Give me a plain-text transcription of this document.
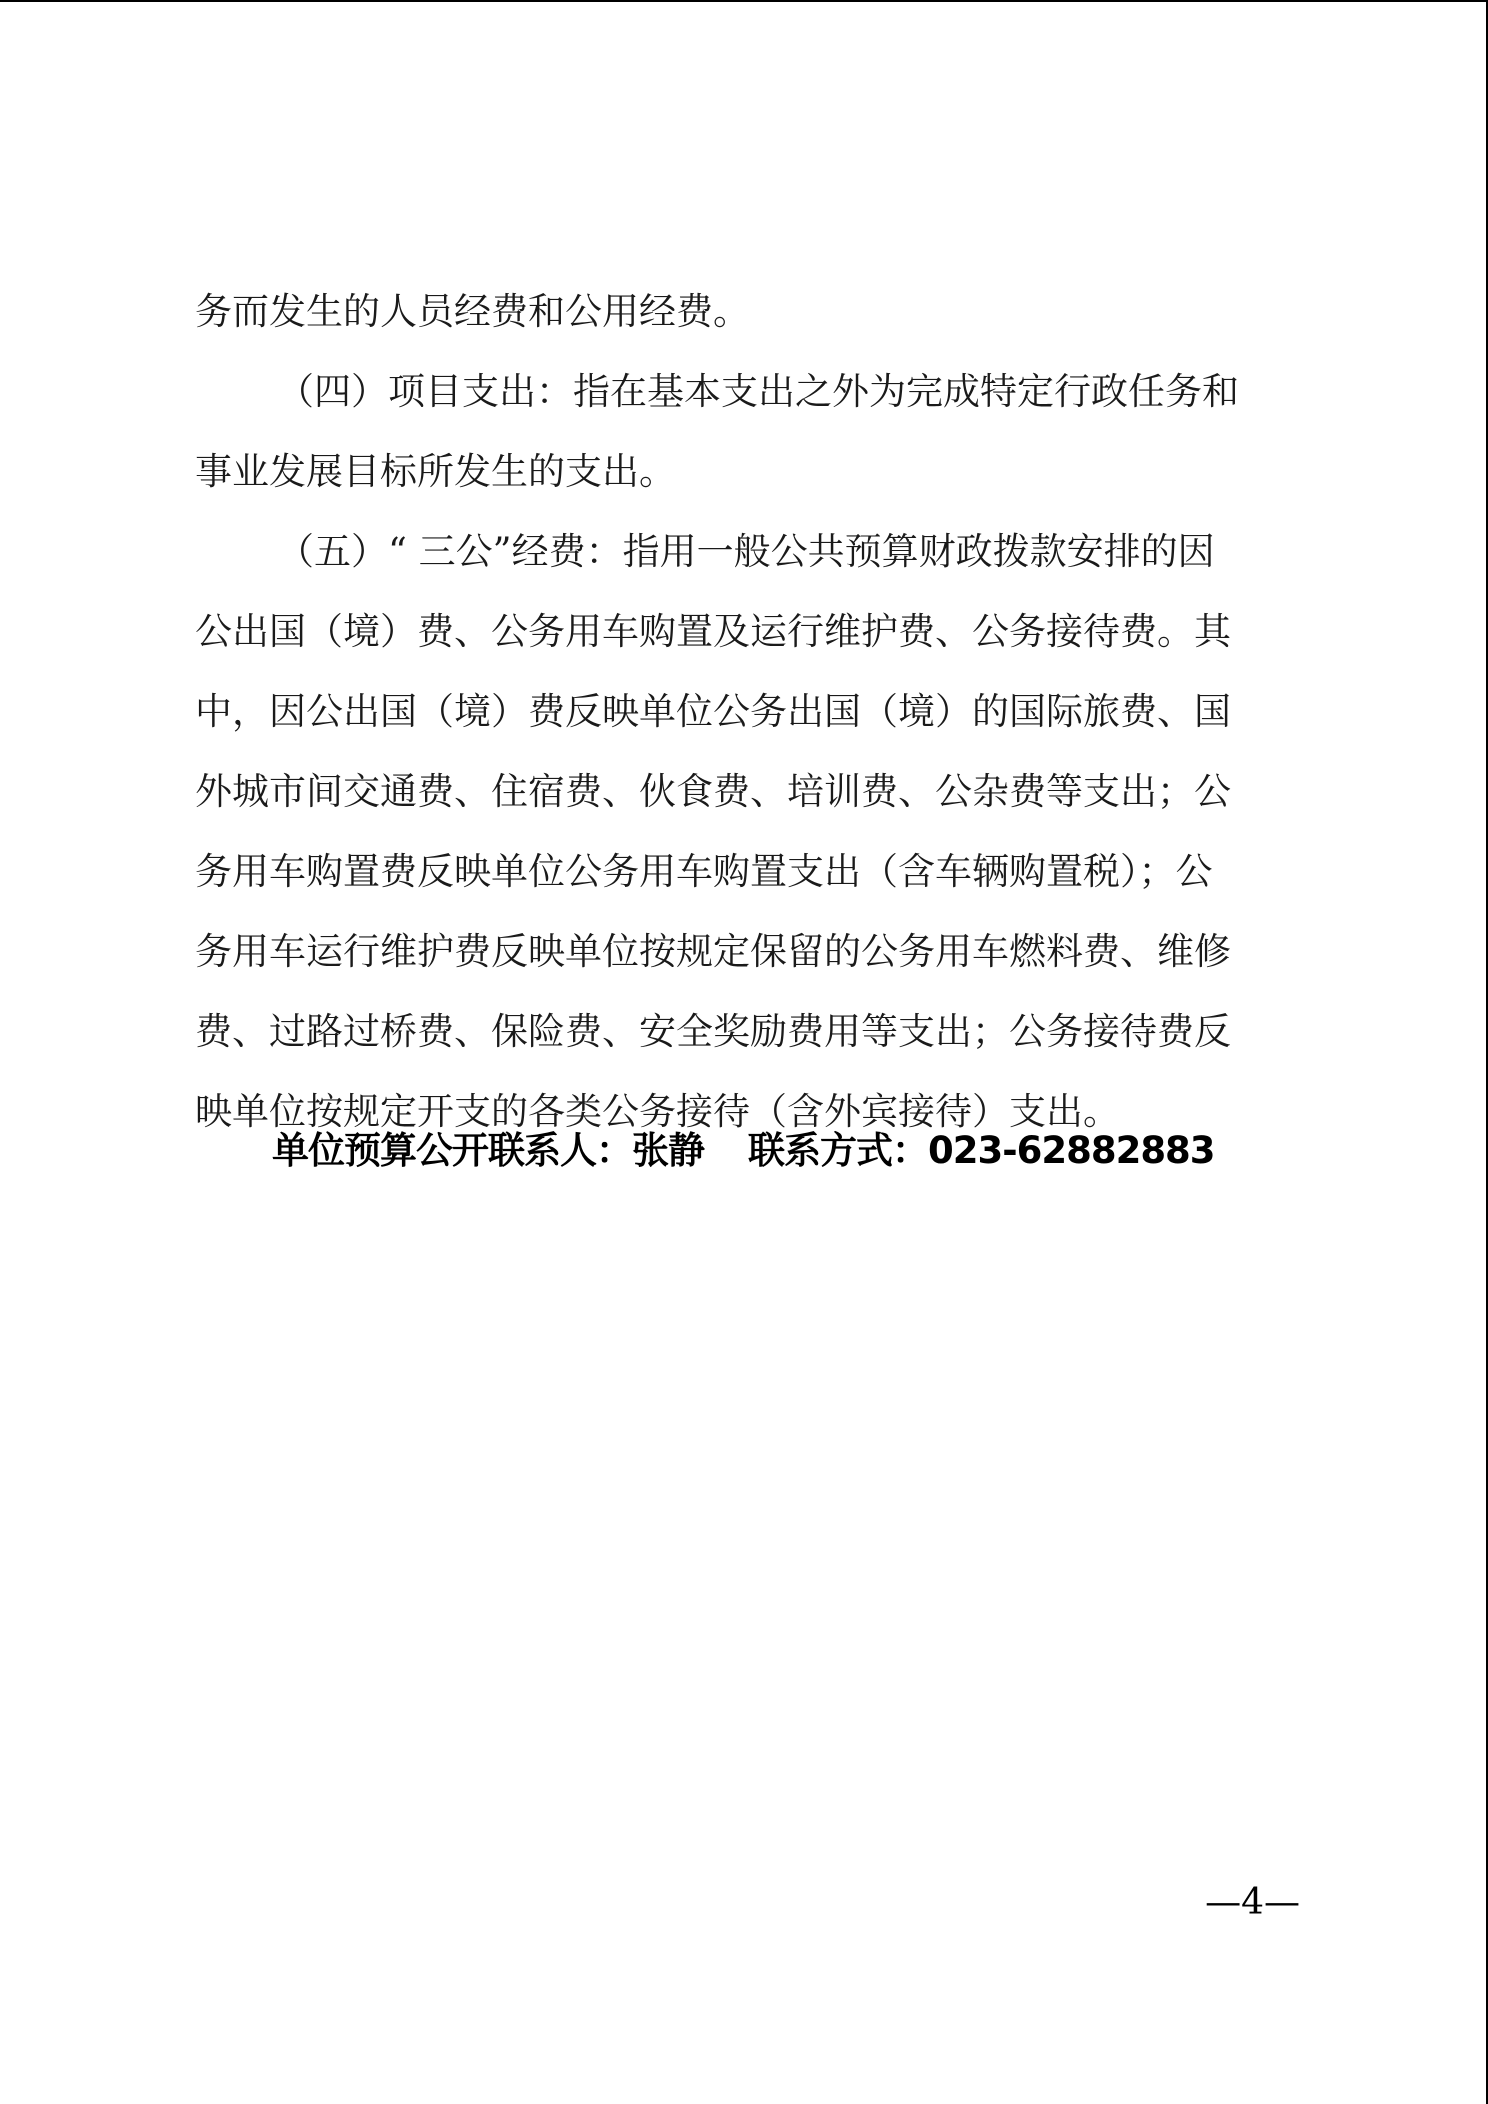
务而发生的人员经费和公用经费。
（四）项目支出：指在基本支出之外为完成特定行政任务和
事业发展目标所发生的支出。
（五）“ 三公”经费：指用一般公共预算财政拨款安排的因
公出国（境）费、公务用车购置及运行维护费、公务接待费。其
中，因公出国（境）费反映单位公务出国（境）的国际旅费、国
外城市间交通费、住宿费、伙食费、培训费、公杂费等支出；公
务用车购置费反映单位公务用车购置支出（含车辆购置税）；公
务用车运行维护费反映单位按规定保留的公务用车燃料费、维修
费、过路过桥费、保险费、安全奖励费用等支出；公务接待费反
映单位按规定开支的各类公务接待（含外宾接待）支出。
单位预算公开联系人：张静 联系方式：023-62882883
—4—
